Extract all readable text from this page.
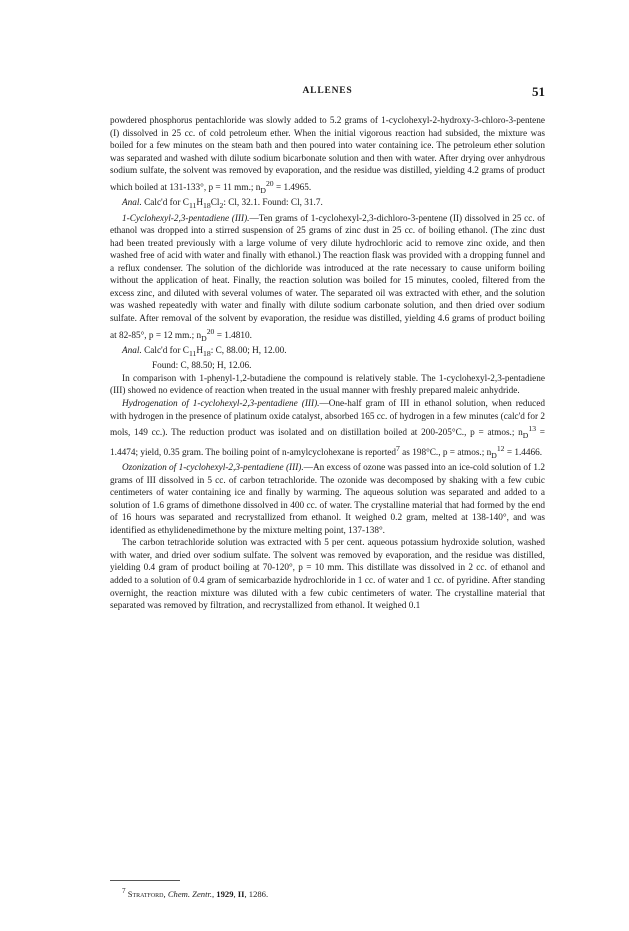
ALLENES	51

powdered phosphorus pentachloride was slowly added to 5.2 grams of 1-cyclohexyl-2-hydroxy-3-chloro-3-pentene (I) dissolved in 25 cc. of cold petroleum ether. When the initial vigorous reaction had subsided, the mixture was boiled for a few minutes on the steam bath and then poured into water containing ice. The petroleum ether solution was separated and washed with dilute sodium bicarbonate solution and then with water. After drying over anhydrous sodium sulfate, the solvent was removed by evaporation, and the residue was distilled, yielding 4.2 grams of product which boiled at 131-133°, p = 11 mm.; $n_D^{20} = 1.4965$.

Anal. Calc'd for $C_{11}H_{18}Cl_2$: Cl, 32.1. Found: Cl, 31.7.

1-Cyclohexyl-2,3-pentadiene (III).—Ten grams of 1-cyclohexyl-2,3-dichloro-3-pentene (II) dissolved in 25 cc. of ethanol was dropped into a stirred suspension of 25 grams of zinc dust in 25 cc. of boiling ethanol. (The zinc dust had been treated previously with a large volume of very dilute hydrochloric acid to remove zinc oxide, and then washed free of acid with water and finally with ethanol.) The reaction flask was provided with a dropping funnel and a reflux condenser. The solution of the dichloride was introduced at the rate necessary to cause uniform boiling without the application of heat. Finally, the reaction solution was boiled for 15 minutes, cooled, filtered from the excess zinc, and diluted with several volumes of water. The separated oil was extracted with ether, and the solution was washed repeatedly with water and finally with dilute sodium carbonate solution, and then dried over sodium sulfate. After removal of the solvent by evaporation, the residue was distilled, yielding 4.6 grams of product boiling at 82-85°, p = 12 mm.; $n_D^{20} = 1.4810$.

Anal. Calc'd for $C_{11}H_{18}$: C, 88.00; H, 12.00.

Found: C, 88.50; H, 12.06.

In comparison with 1-phenyl-1,2-butadiene the compound is relatively stable. The 1-cyclohexyl-2,3-pentadiene (III) showed no evidence of reaction when treated in the usual manner with freshly prepared maleic anhydride.

Hydrogenation of 1-cyclohexyl-2,3-pentadiene (III).—One-half gram of III in ethanol solution, when reduced with hydrogen in the presence of platinum oxide catalyst, absorbed 165 cc. of hydrogen in a few minutes (calc'd for 2 mols, 149 cc.). The reduction product was isolated and on distillation boiled at 200-205°C., p = atmos.; $n_D^{13} = 1.4474$; yield, 0.35 gram. The boiling point of n-amylcyclohexane is reported$^7$ as 198°C., p = atmos.; $n_D^{12} = 1.4466$.

Ozonization of 1-cyclohexyl-2,3-pentadiene (III).—An excess of ozone was passed into an ice-cold solution of 1.2 grams of III dissolved in 5 cc. of carbon tetrachloride. The ozonide was decomposed by shaking with a few cubic centimeters of water containing ice and finally by warming. The aqueous solution was separated and added to a solution of 1.6 grams of dimethone dissolved in 400 cc. of water. The crystalline material that had formed by the end of 16 hours was separated and recrystallized from ethanol. It weighed 0.2 gram, melted at 138-140°, and was identified as ethylidenedimethone by the mixture melting point, 137-138°.

The carbon tetrachloride solution was extracted with 5 per cent. aqueous potassium hydroxide solution, washed with water, and dried over sodium sulfate. The solvent was removed by evaporation, and the residue was distilled, yielding 0.4 gram of product boiling at 70-120°, p = 10 mm. This distillate was dissolved in 2 cc. of ethanol and added to a solution of 0.4 gram of semicarbazide hydrochloride in 1 cc. of water and 1 cc. of pyridine. After standing overnight, the reaction mixture was diluted with a few cubic centimeters of water. The crystalline material that separated was removed by filtration, and recrystallized from ethanol. It weighed 0.1

$^7$ Stratford, Chem. Zentr., 1929, II, 1286.
